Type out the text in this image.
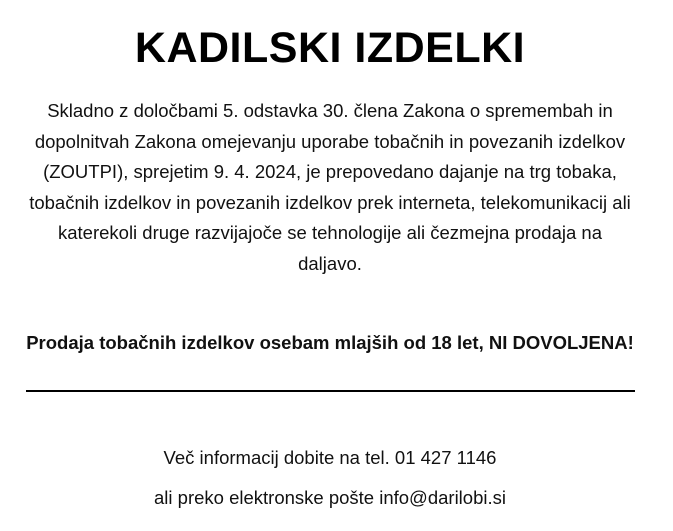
KADILSKI IZDELKI

Skladno z določbami 5. odstavka 30. člena Zakona o spremembah in dopolnitvah Zakona omejevanju uporabe tobačnih in povezanih izdelkov (ZOUTPI), sprejetim 9. 4. 2024, je prepovedano dajanje na trg tobaka, tobačnih izdelkov in povezanih izdelkov prek interneta, telekomunikacij ali katerekoli druge razvijajoče se tehnologije ali čezmejna prodaja na daljavo.

Prodaja tobačnih izdelkov osebam mlajših od 18 let, NI DOVOLJENA!

Več informacij dobite na tel. 01 427 1146

ali preko elektronske pošte info@darilobi.si
